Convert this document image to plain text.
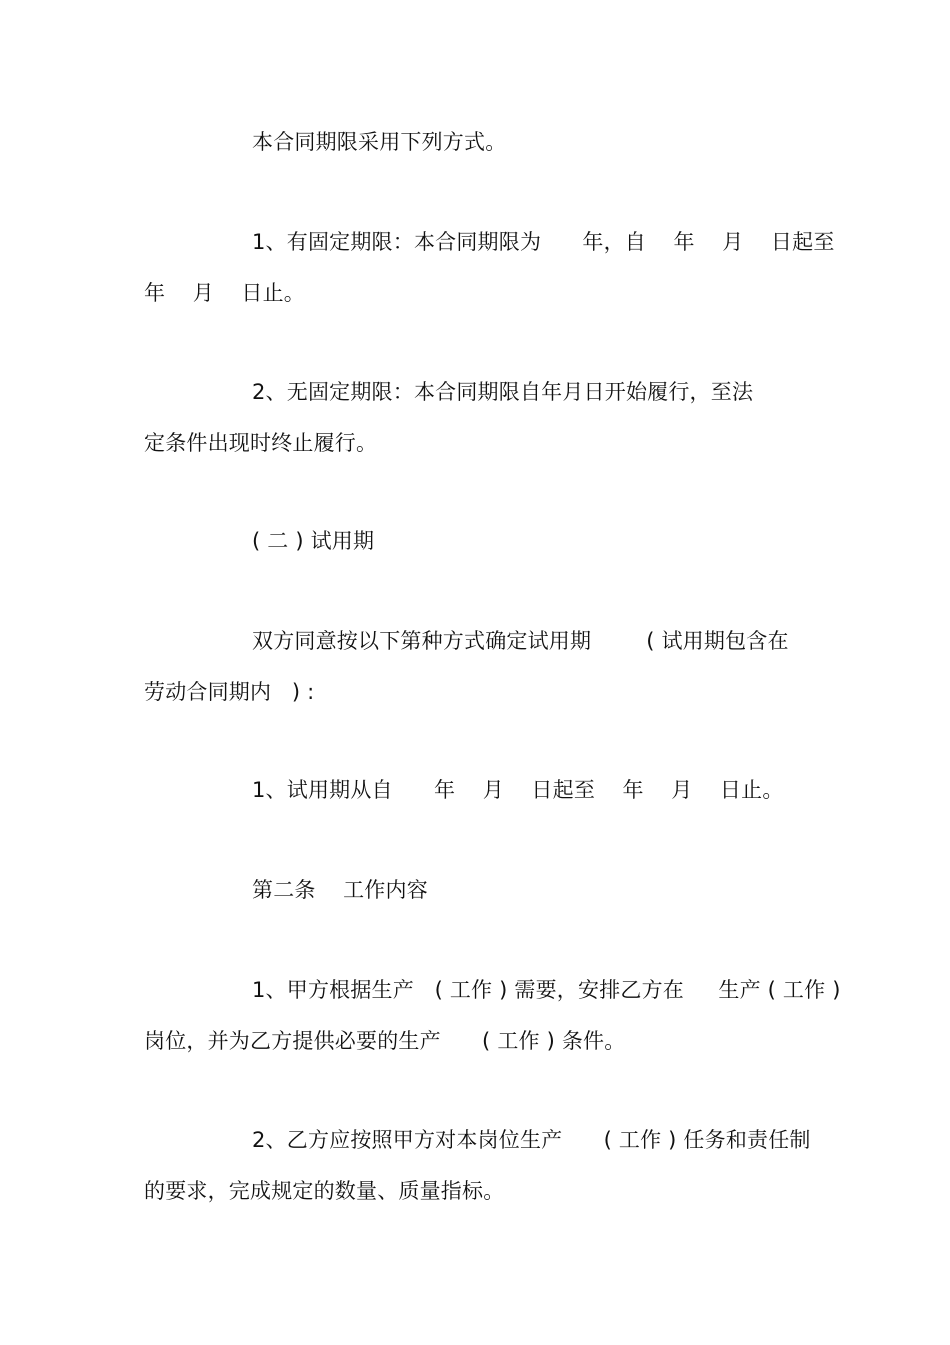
本合同期限采用下列方式。
1、有固定期限：本合同期限为      年，自    年    月    日起至
年    月    日止。
2、无固定期限：本合同期限自年月日开始履行，至法
定条件出现时终止履行。
( 二 ) 试用期
双方同意按以下第种方式确定试用期        ( 试用期包含在
劳动合同期内   ) :
1、试用期从自      年    月    日起至    年    月    日止。
第二条    工作内容
1、甲方根据生产   ( 工作 ) 需要，安排乙方在     生产 ( 工作 )
岗位，并为乙方提供必要的生产      ( 工作 ) 条件。
2、乙方应按照甲方对本岗位生产      ( 工作 ) 任务和责任制
的要求，完成规定的数量、质量指标。
